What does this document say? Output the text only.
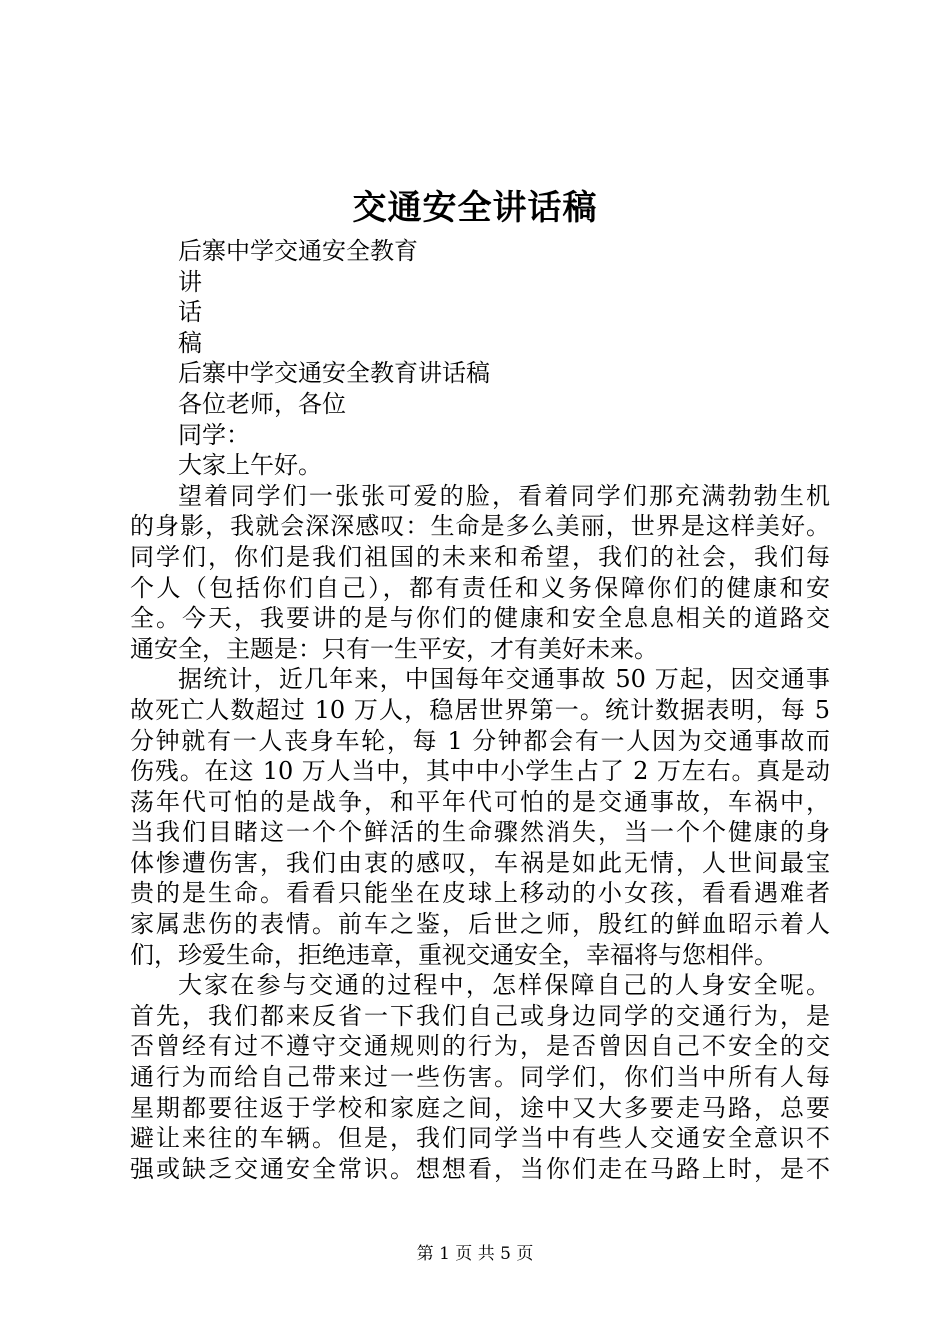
交通安全讲话稿
后寨中学交通安全教育
讲
话
稿
后寨中学交通安全教育讲话稿
各位老师，各位
同学：
大家上午好。
望着同学们一张张可爱的脸，看着同学们那充满勃勃生机
的身影，我就会深深感叹：生命是多么美丽，世界是这样美好。
同学们，你们是我们祖国的未来和希望，我们的社会，我们每
个人（包括你们自己），都有责任和义务保障你们的健康和安
全。今天，我要讲的是与你们的健康和安全息息相关的道路交
通安全，主题是：只有一生平安，才有美好未来。
据统计，近几年来，中国每年交通事故 50 万起，因交通事
故死亡人数超过 10 万人，稳居世界第一。统计数据表明，每 5
分钟就有一人丧身车轮，每 1 分钟都会有一人因为交通事故而
伤残。在这 10 万人当中，其中中小学生占了 2 万左右。真是动
荡年代可怕的是战争，和平年代可怕的是交通事故，车祸中，
当我们目睹这一个个鲜活的生命骤然消失，当一个个健康的身
体惨遭伤害，我们由衷的感叹，车祸是如此无情，人世间最宝
贵的是生命。看看只能坐在皮球上移动的小女孩，看看遇难者
家属悲伤的表情。前车之鉴，后世之师，殷红的鲜血昭示着人
们，珍爱生命，拒绝违章，重视交通安全，幸福将与您相伴。
大家在参与交通的过程中，怎样保障自己的人身安全呢。
首先，我们都来反省一下我们自己或身边同学的交通行为，是
否曾经有过不遵守交通规则的行为，是否曾因自己不安全的交
通行为而给自己带来过一些伤害。同学们，你们当中所有人每
星期都要往返于学校和家庭之间，途中又大多要走马路，总要
避让来往的车辆。但是，我们同学当中有些人交通安全意识不
强或缺乏交通安全常识。想想看，当你们走在马路上时，是不
第 1 页 共 5 页
